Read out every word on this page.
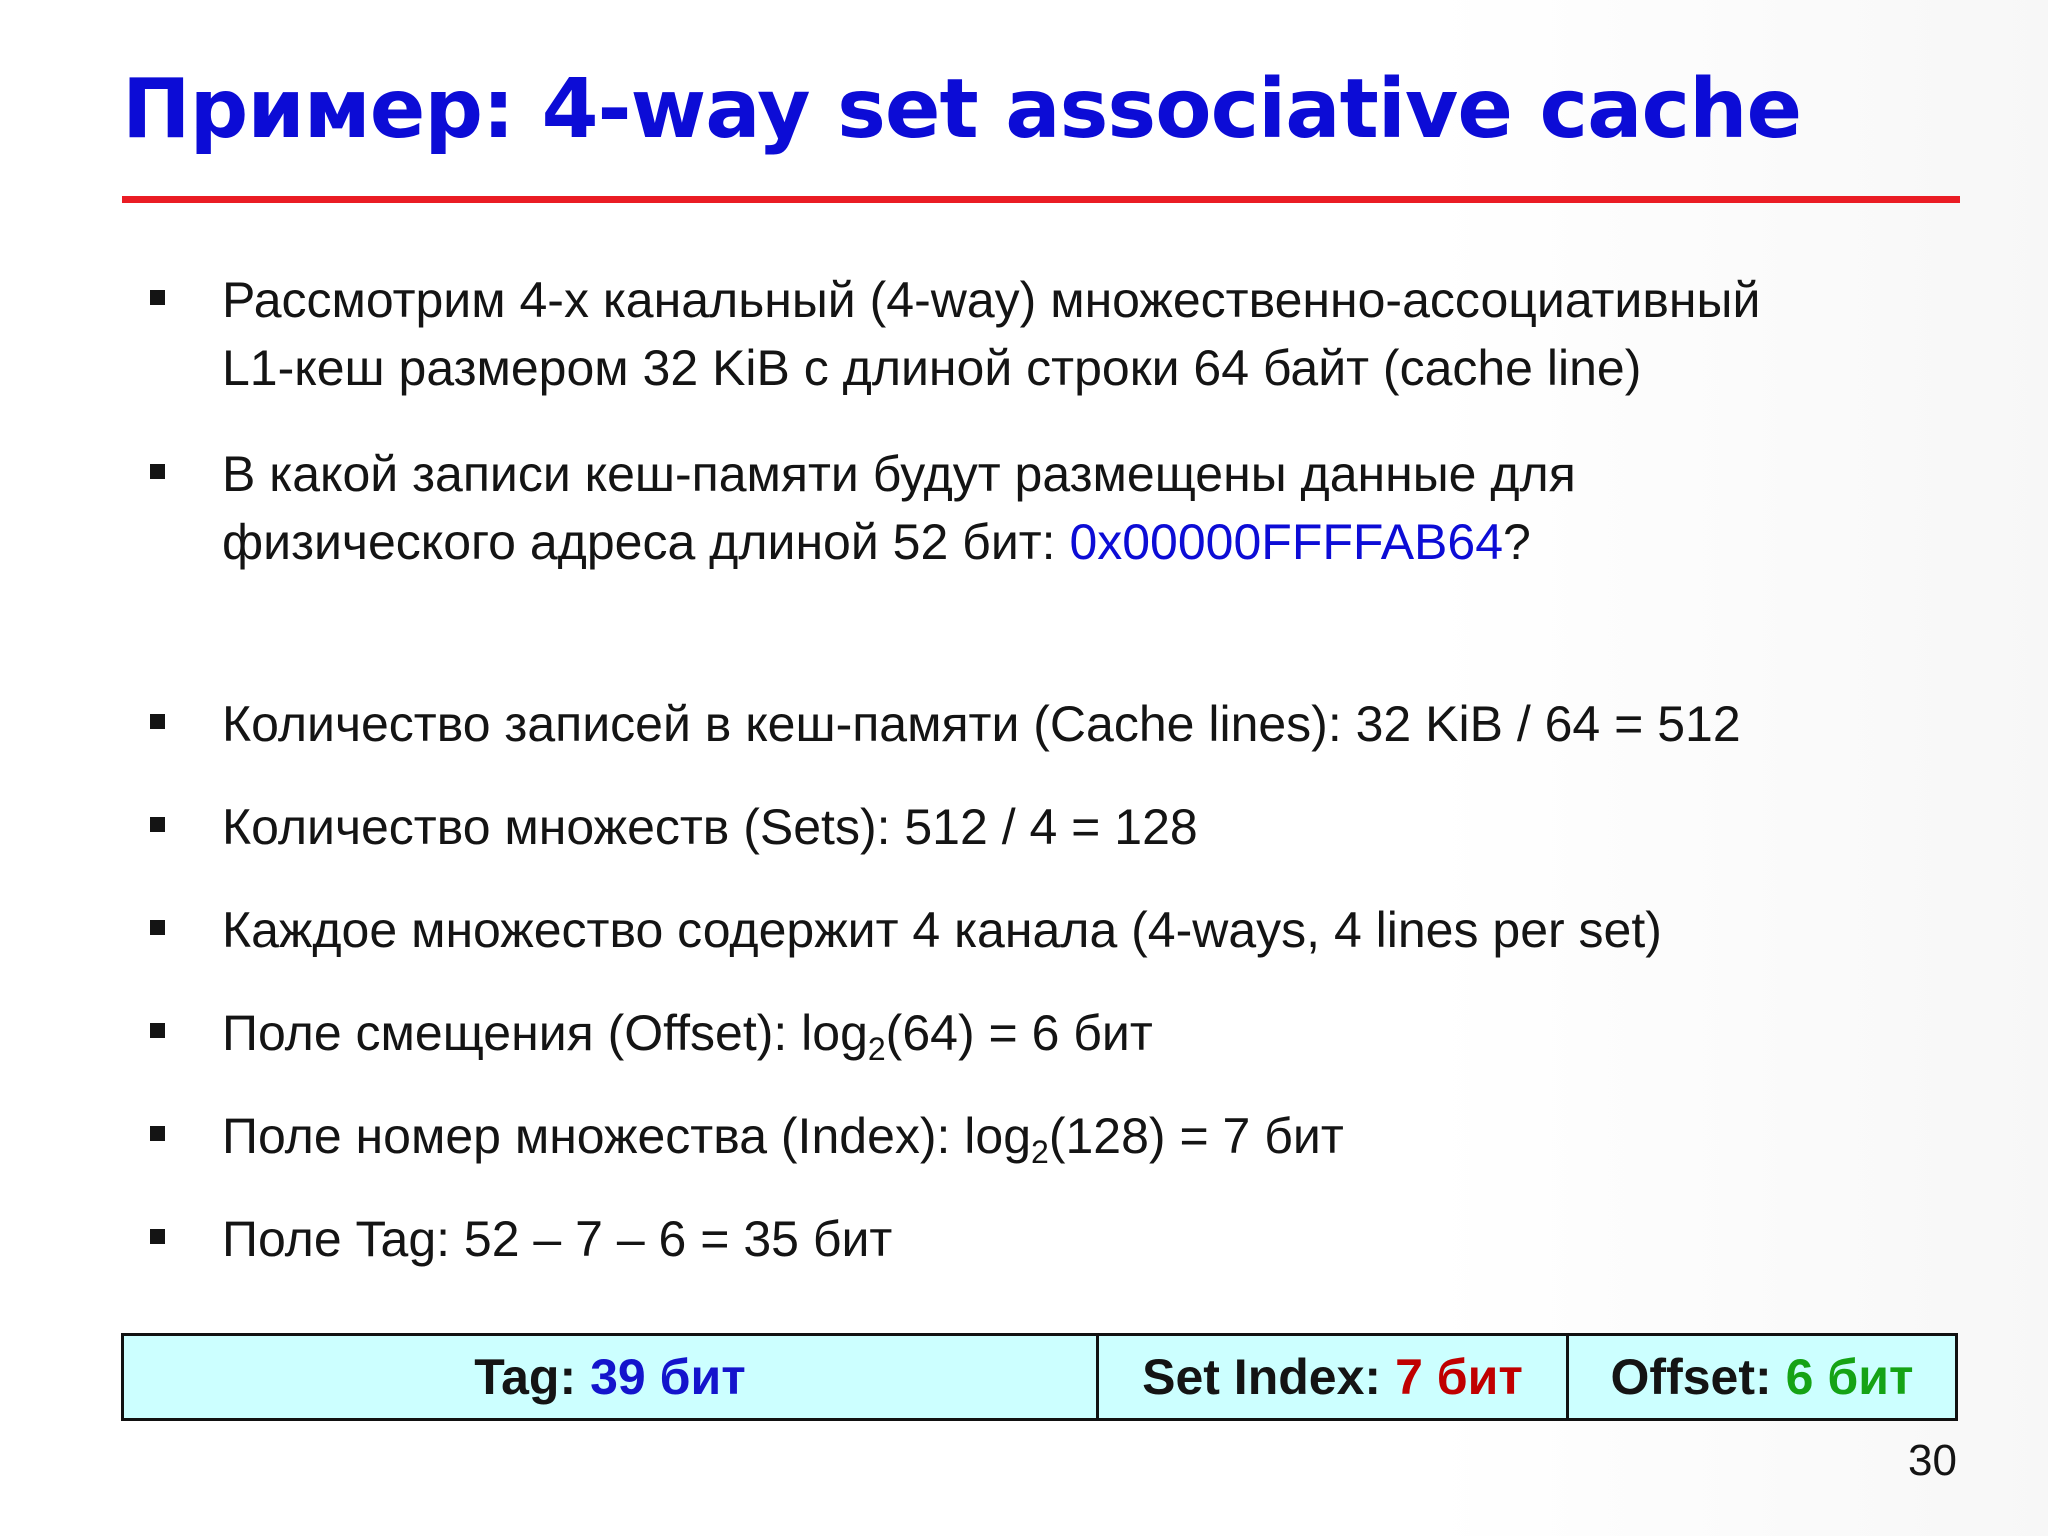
Пример: 4-way set associative cache
Рассмотрим 4-х канальный (4-way) множественно-ассоциативный
L1-кеш размером 32 KiB с длиной строки 64 байт (cache line)
В какой записи кеш-памяти будут размещены данные для
физического адреса длиной 52 бит: 0x00000FFFFAB64?
Количество записей в кеш-памяти (Cache lines): 32 KiB / 64 = 512
Количество множеств (Sets): 512 / 4 = 128
Каждое множество содержит 4 канала (4-ways, 4 lines per set)
Поле смещения (Offset): $\log_2(64) = 6$ бит
Поле номер множества (Index): $\log_2(128) = 7$ бит
Поле Tag: 52 – 7 – 6 = 35 бит
Tag: 39 бит	Set Index: 7 бит Offset: 6 бит
30
